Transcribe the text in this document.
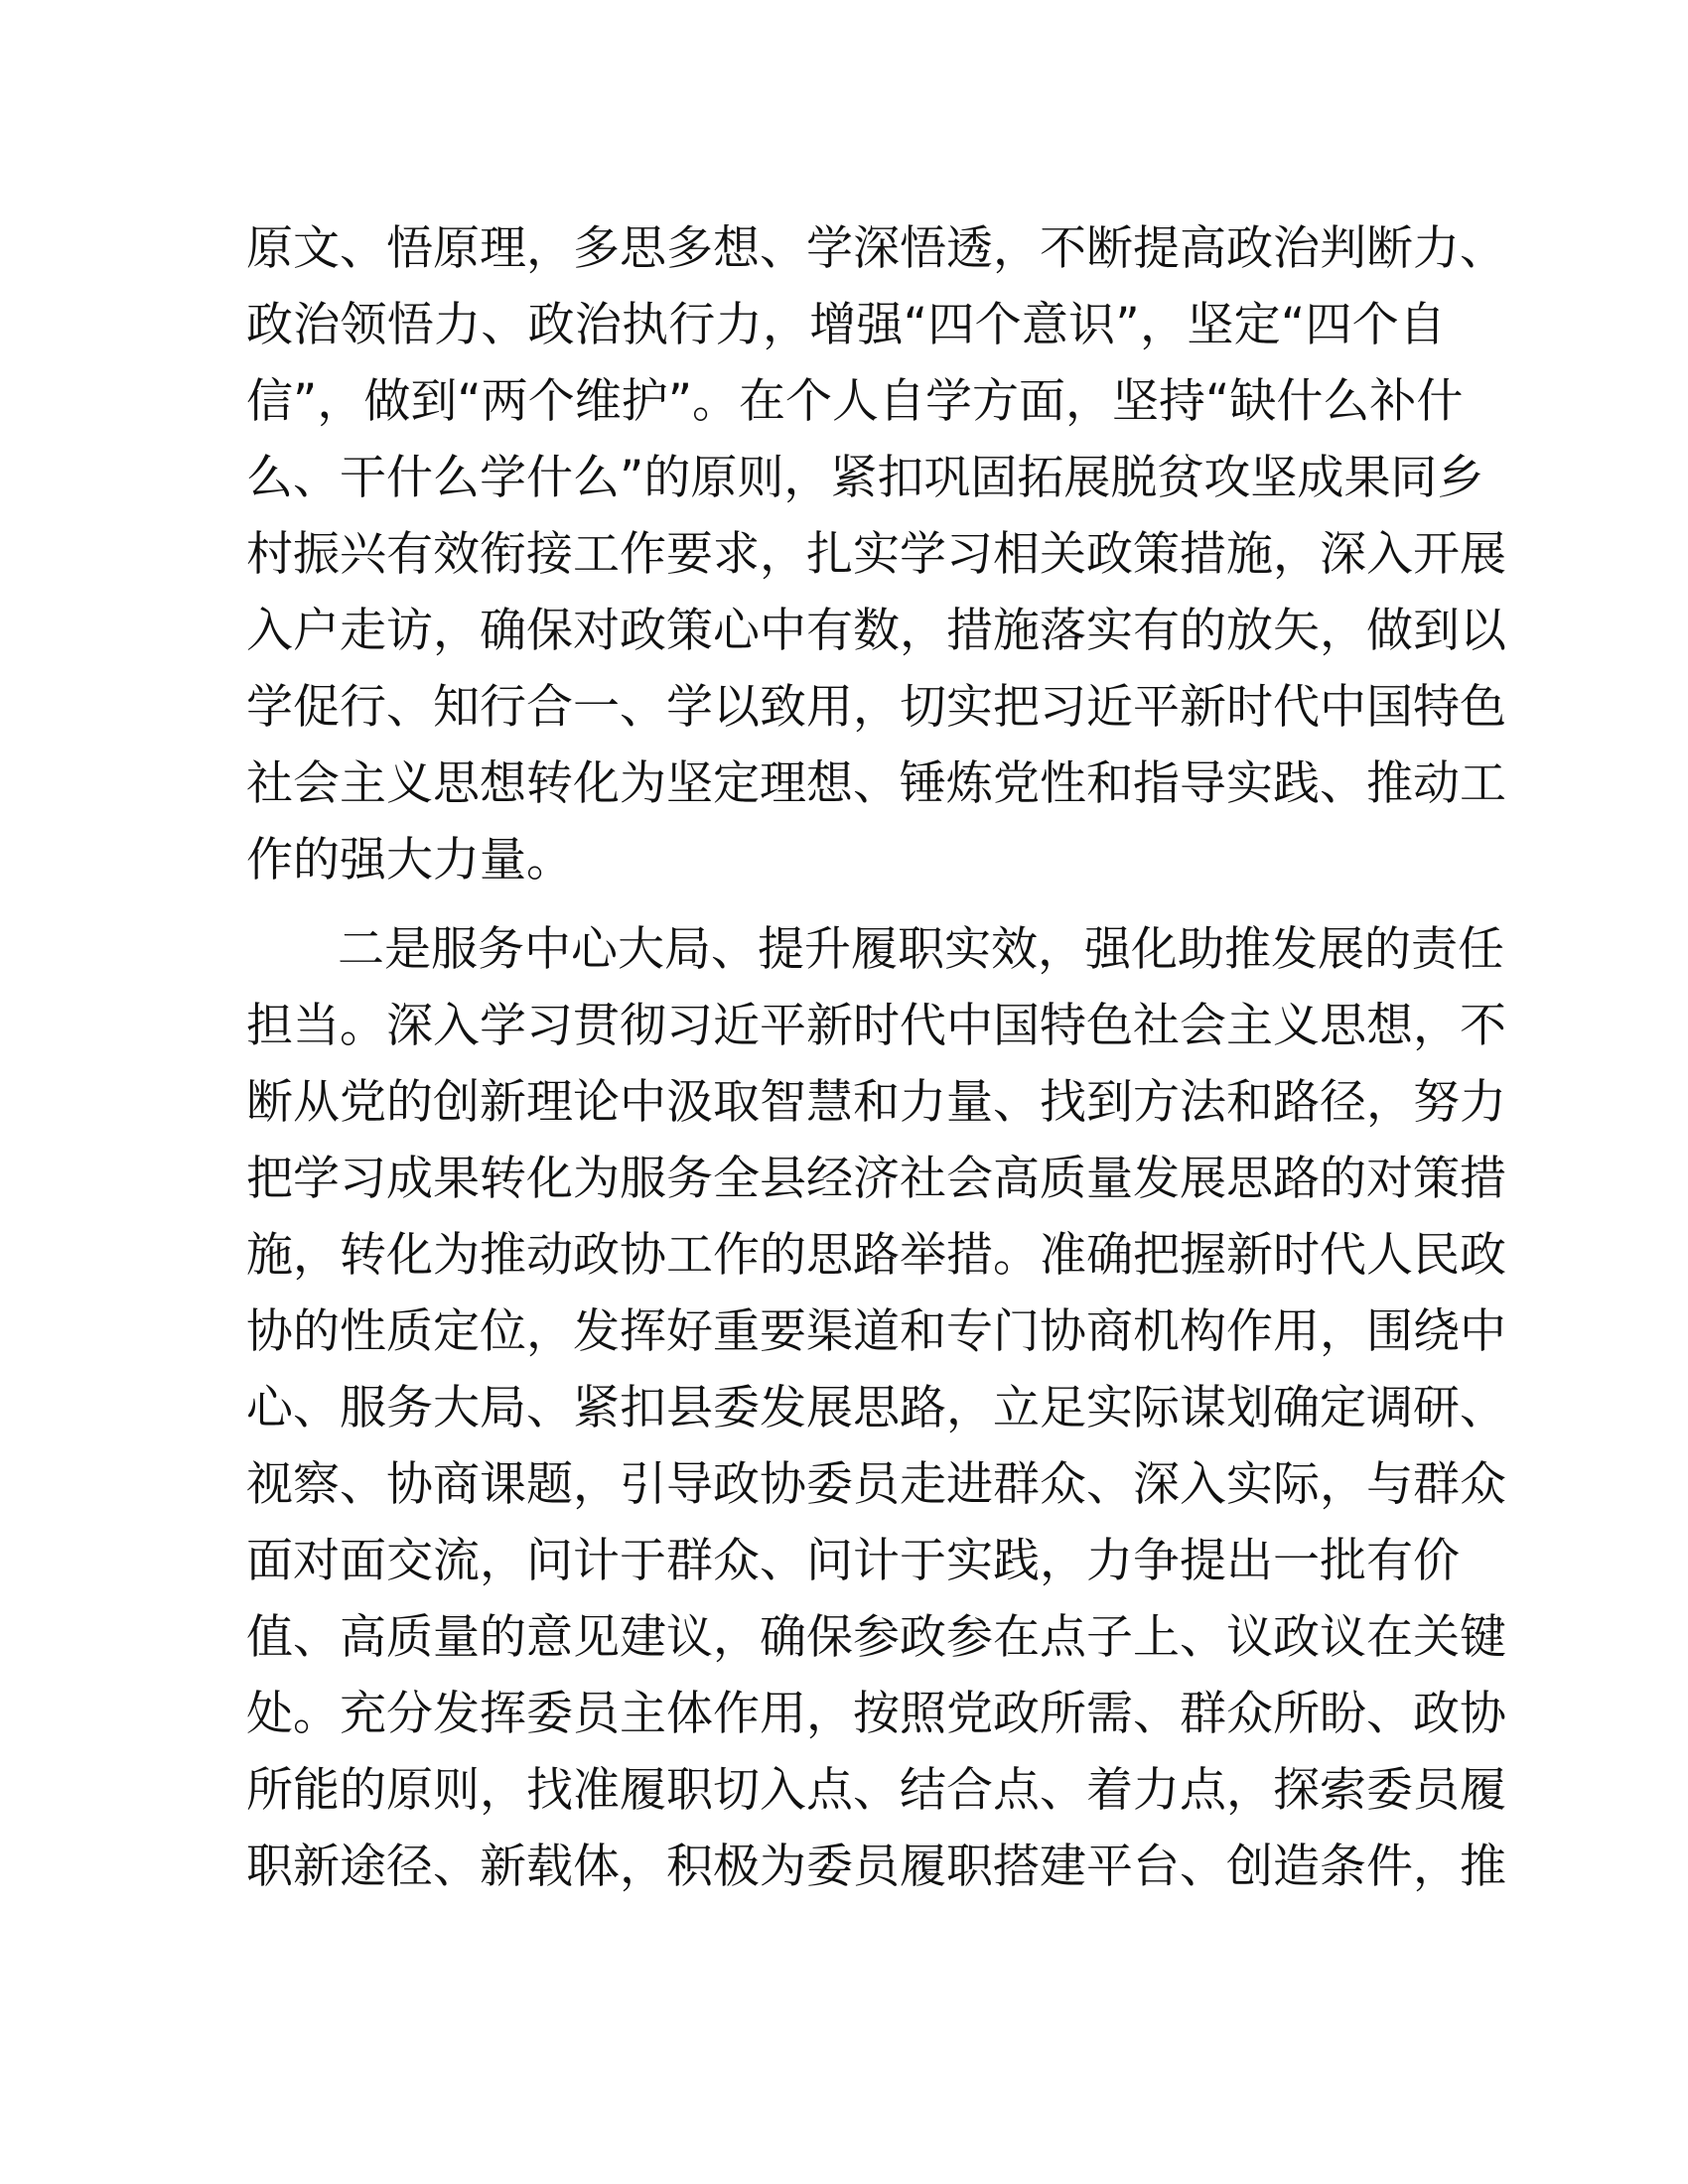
原文、悟原理，多思多想、学深悟透，不断提高政治判断力、
政治领悟力、政治执行力，增强“四个意识”，坚定“四个自
信”，做到“两个维护”。在个人自学方面，坚持“缺什么补什
么、干什么学什么”的原则，紧扣巩固拓展脱贫攻坚成果同乡
村振兴有效衔接工作要求，扎实学习相关政策措施，深入开展
入户走访，确保对政策心中有数，措施落实有的放矢，做到以
学促行、知行合一、学以致用，切实把习近平新时代中国特色
社会主义思想转化为坚定理想、锤炼党性和指导实践、推动工
作的强大力量。
二是服务中心大局、提升履职实效，强化助推发展的责任
担当。深入学习贯彻习近平新时代中国特色社会主义思想，不
断从党的创新理论中汲取智慧和力量、找到方法和路径，努力
把学习成果转化为服务全县经济社会高质量发展思路的对策措
施，转化为推动政协工作的思路举措。准确把握新时代人民政
协的性质定位，发挥好重要渠道和专门协商机构作用，围绕中
心、服务大局、紧扣县委发展思路，立足实际谋划确定调研、
视察、协商课题，引导政协委员走进群众、深入实际，与群众
面对面交流，问计于群众、问计于实践，力争提出一批有价
值、高质量的意见建议，确保参政参在点子上、议政议在关键
处。充分发挥委员主体作用，按照党政所需、群众所盼、政协
所能的原则，找准履职切入点、结合点、着力点，探索委员履
职新途径、新载体，积极为委员履职搭建平台、创造条件，推
